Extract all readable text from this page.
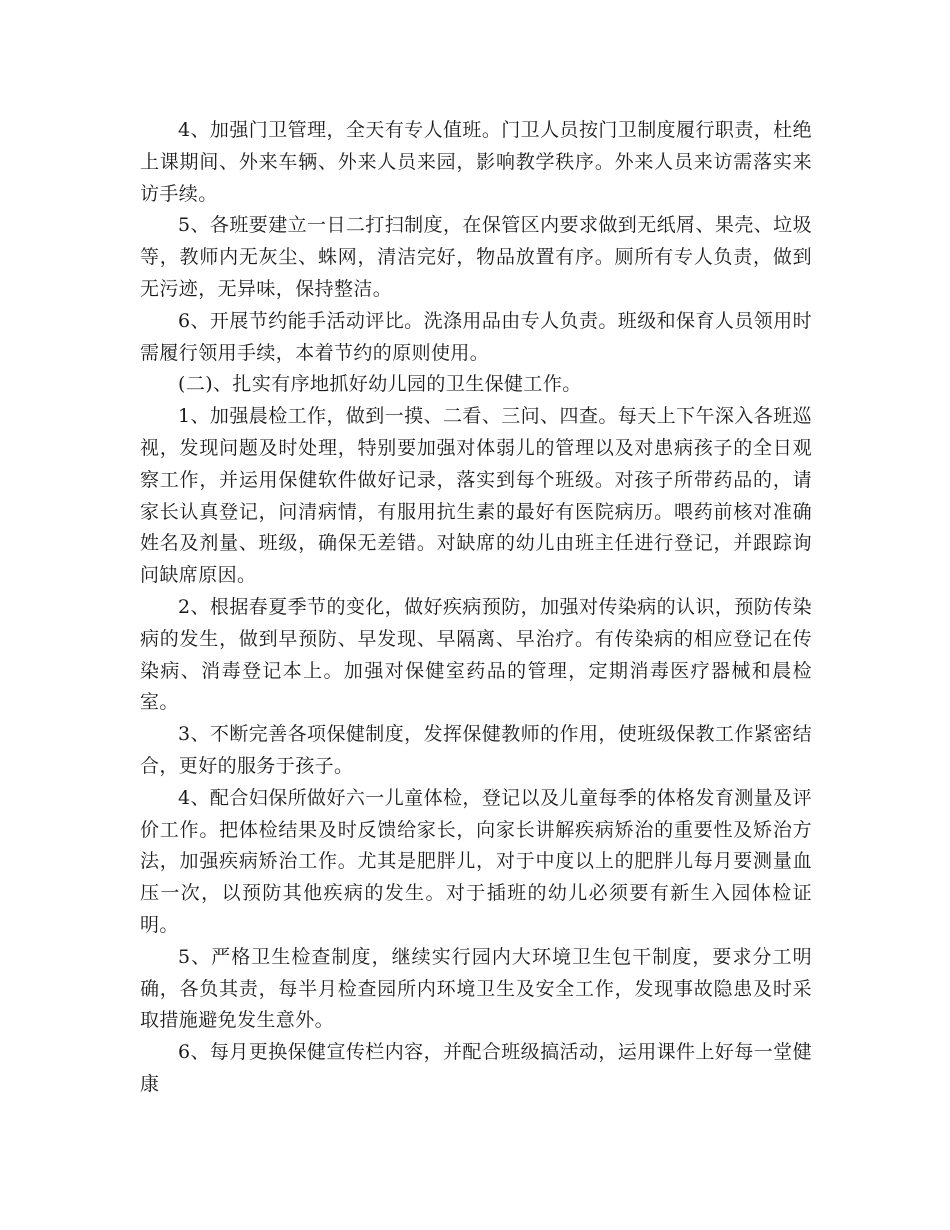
4、加强门卫管理，全天有专人值班。门卫人员按门卫制度履行职责，杜绝上课期间、外来车辆、外来人员来园，影响教学秩序。外来人员来访需落实来访手续。

5、各班要建立一日二打扫制度，在保管区内要求做到无纸屑、果壳、垃圾等，教师内无灰尘、蛛网，清洁完好，物品放置有序。厕所有专人负责，做到无污迹，无异味，保持整洁。

6、开展节约能手活动评比。洗涤用品由专人负责。班级和保育人员领用时需履行领用手续，本着节约的原则使用。

(二)、扎实有序地抓好幼儿园的卫生保健工作。

1、加强晨检工作，做到一摸、二看、三问、四查。每天上下午深入各班巡视，发现问题及时处理，特别要加强对体弱儿的管理以及对患病孩子的全日观察工作，并运用保健软件做好记录，落实到每个班级。对孩子所带药品的，请家长认真登记，问清病情，有服用抗生素的最好有医院病历。喂药前核对准确姓名及剂量、班级，确保无差错。对缺席的幼儿由班主任进行登记，并跟踪询问缺席原因。

2、根据春夏季节的变化，做好疾病预防，加强对传染病的认识，预防传染病的发生，做到早预防、早发现、早隔离、早治疗。有传染病的相应登记在传染病、消毒登记本上。加强对保健室药品的管理，定期消毒医疗器械和晨检室。

3、不断完善各项保健制度，发挥保健教师的作用，使班级保教工作紧密结合，更好的服务于孩子。

4、配合妇保所做好六一儿童体检，登记以及儿童每季的体格发育测量及评价工作。把体检结果及时反馈给家长，向家长讲解疾病矫治的重要性及矫治方法，加强疾病矫治工作。尤其是肥胖儿，对于中度以上的肥胖儿每月要测量血压一次，以预防其他疾病的发生。对于插班的幼儿必须要有新生入园体检证明。

5、严格卫生检查制度，继续实行园内大环境卫生包干制度，要求分工明确，各负其责，每半月检查园所内环境卫生及安全工作，发现事故隐患及时采取措施避免发生意外。

6、每月更换保健宣传栏内容，并配合班级搞活动，运用课件上好每一堂健康
